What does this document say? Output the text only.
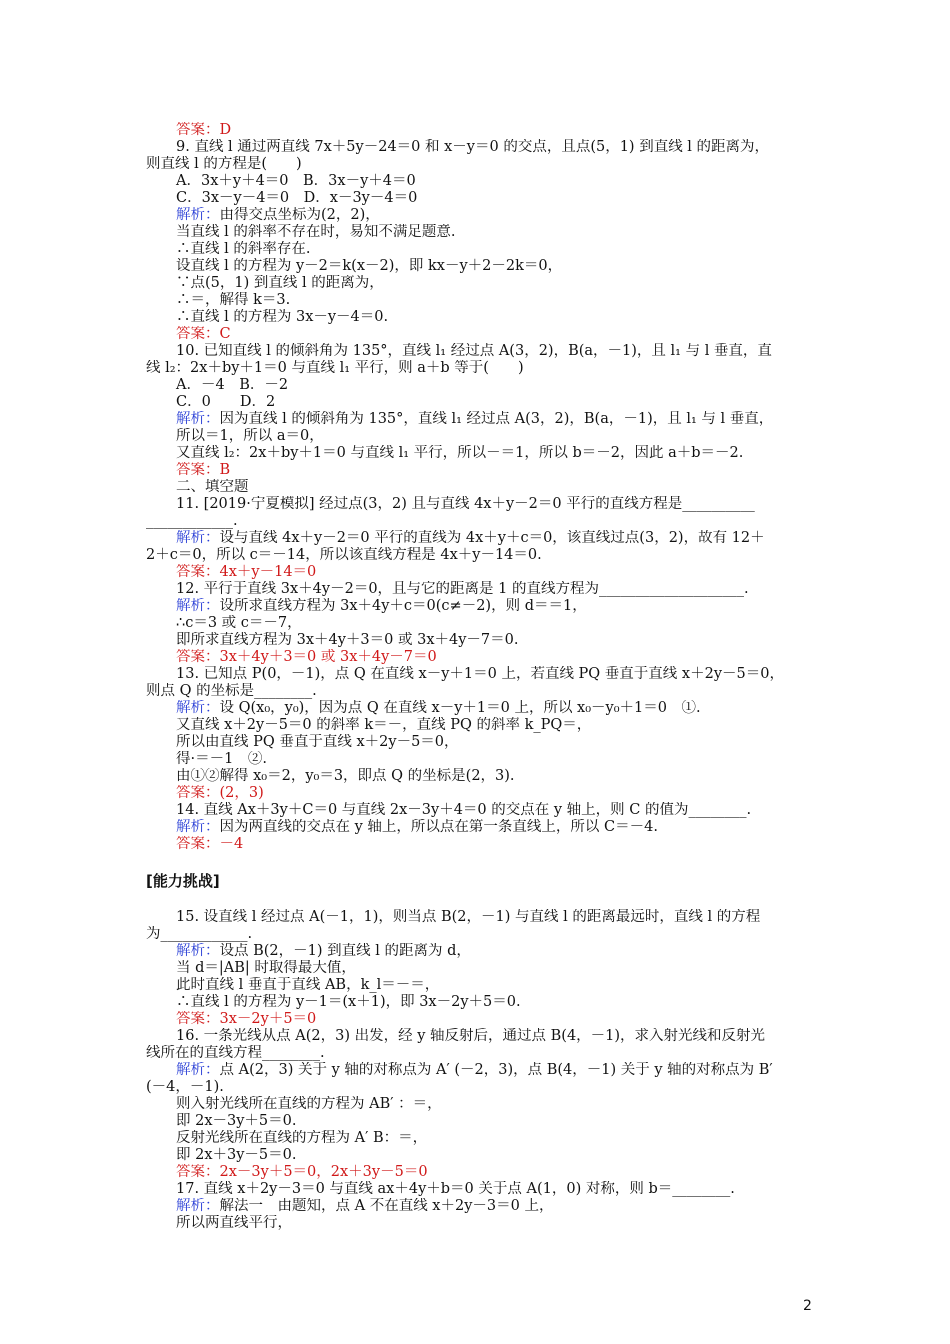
答案：D
9. 直线 l 通过两直线 7x＋5y－24＝0 和 x－y＝0 的交点，且点(5，1) 到直线 l 的距离为，
则直线 l 的方程是(　　)
A．3x＋y＋4＝0　B．3x－y＋4＝0
C．3x－y－4＝0　D．x－3y－4＝0
解析：由得交点坐标为(2，2)，
当直线 l 的斜率不存在时，易知不满足题意.
∴直线 l 的斜率存在.
设直线 l 的方程为 y－2＝k(x－2)，即 kx－y＋2－2k＝0，
∵点(5，1) 到直线 l 的距离为，
∴＝，解得 k＝3.
∴直线 l 的方程为 3x－y－4＝0.
答案：C
10. 已知直线 l 的倾斜角为 135°，直线 l₁ 经过点 A(3，2)，B(a，－1)，且 l₁ 与 l 垂直，直
线 l₂：2x＋by＋1＝0 与直线 l₁ 平行，则 a＋b 等于(　　)
A．－4　B．－2
C．0　　D．2
解析：因为直线 l 的倾斜角为 135°，直线 l₁ 经过点 A(3，2)，B(a，－1)，且 l₁ 与 l 垂直，
所以＝1，所以 a＝0，
又直线 l₂：2x＋by＋1＝0 与直线 l₁ 平行，所以－＝1，所以 b＝－2，因此 a＋b＝－2.
答案：B
二、填空题
11. [2019·宁夏模拟] 经过点(3，2) 且与直线 4x＋y－2＝0 平行的直线方程是__________
____________.
解析：设与直线 4x＋y－2＝0 平行的直线为 4x＋y＋c＝0，该直线过点(3，2)，故有 12＋
2＋c＝0，所以 c＝－14，所以该直线方程是 4x＋y－14＝0.
答案：4x＋y－14＝0
12. 平行于直线 3x＋4y－2＝0，且与它的距离是 1 的直线方程为____________________.
解析：设所求直线方程为 3x＋4y＋c＝0(c≠－2)，则 d＝＝1，
∴c＝3 或 c＝－7，
即所求直线方程为 3x＋4y＋3＝0 或 3x＋4y－7＝0.
答案：3x＋4y＋3＝0 或 3x＋4y－7＝0
13. 已知点 P(0，－1)，点 Q 在直线 x－y＋1＝0 上，若直线 PQ 垂直于直线 x＋2y－5＝0，
则点 Q 的坐标是________.
解析：设 Q(x₀，y₀)，因为点 Q 在直线 x－y＋1＝0 上，所以 x₀－y₀＋1＝0　①.
又直线 x＋2y－5＝0 的斜率 k＝－，直线 PQ 的斜率 k_PQ＝，
所以由直线 PQ 垂直于直线 x＋2y－5＝0，
得·＝－1　②.
由①②解得 x₀＝2，y₀＝3，即点 Q 的坐标是(2，3).
答案：(2，3)
14. 直线 Ax＋3y＋C＝0 与直线 2x－3y＋4＝0 的交点在 y 轴上，则 C 的值为________.
解析：因为两直线的交点在 y 轴上，所以点在第一条直线上，所以 C＝－4.
答案：－4
[能力挑战]
15. 设直线 l 经过点 A(－1，1)，则当点 B(2，－1) 与直线 l 的距离最远时，直线 l 的方程
为____________.
解析：设点 B(2，－1) 到直线 l 的距离为 d，
当 d＝|AB| 时取得最大值，
此时直线 l 垂直于直线 AB，k_l＝－＝，
∴直线 l 的方程为 y－1＝(x＋1)，即 3x－2y＋5＝0.
答案：3x－2y＋5＝0
16. 一条光线从点 A(2，3) 出发，经 y 轴反射后，通过点 B(4，－1)，求入射光线和反射光
线所在的直线方程________.
解析：点 A(2，3) 关于 y 轴的对称点为 A′ (－2，3)，点 B(4，－1) 关于 y 轴的对称点为 B′
(－4，－1).
则入射光线所在直线的方程为 AB′ ：＝，
即 2x－3y＋5＝0.
反射光线所在直线的方程为 A′ B：＝，
即 2x＋3y－5＝0.
答案：2x－3y＋5＝0，2x＋3y－5＝0
17. 直线 x＋2y－3＝0 与直线 ax＋4y＋b＝0 关于点 A(1，0) 对称，则 b＝________.
解析：解法一　由题知，点 A 不在直线 x＋2y－3＝0 上，
所以两直线平行，
2
